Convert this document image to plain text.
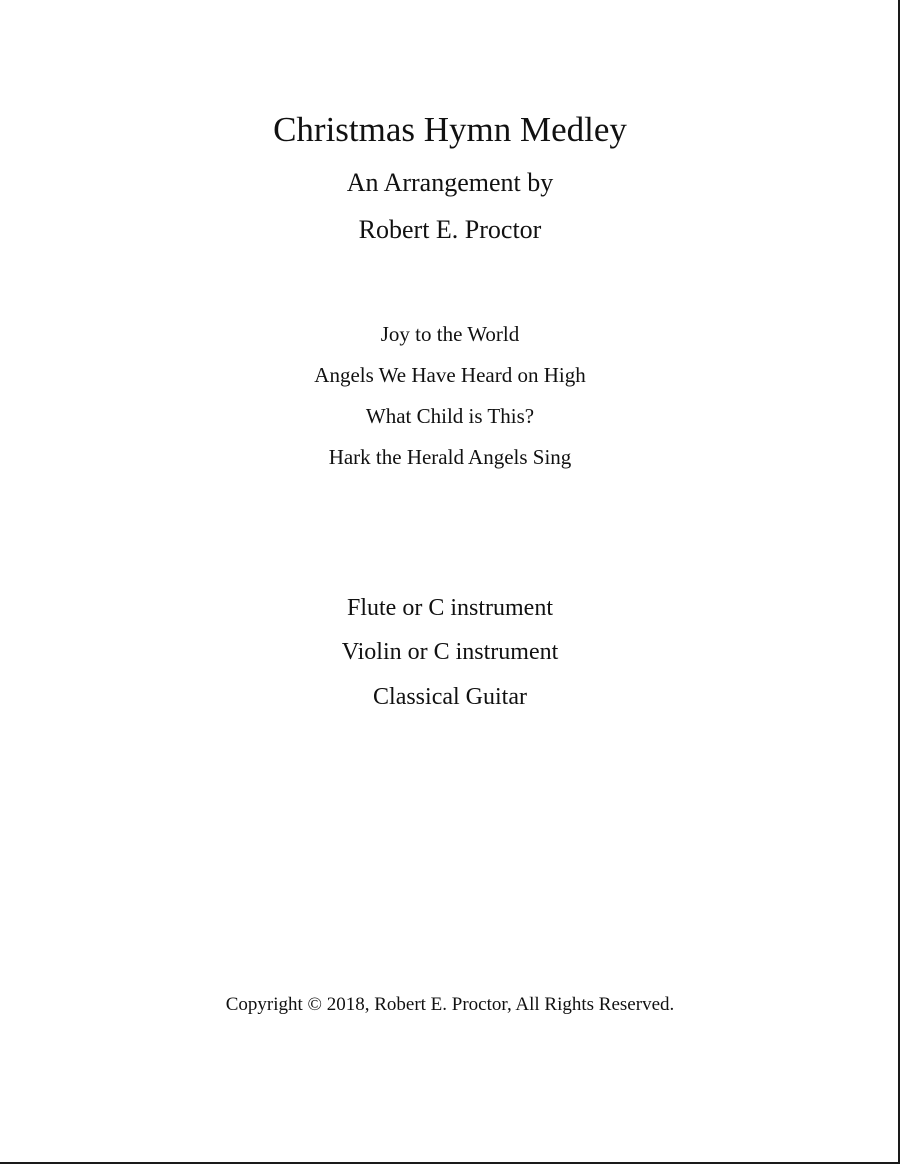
Christmas Hymn Medley
An Arrangement by
Robert E. Proctor
Joy to the World
Angels We Have Heard on High
What Child is This?
Hark the Herald Angels Sing
Flute or C instrument
Violin or C instrument
Classical Guitar
Copyright © 2018, Robert E. Proctor, All Rights Reserved.
